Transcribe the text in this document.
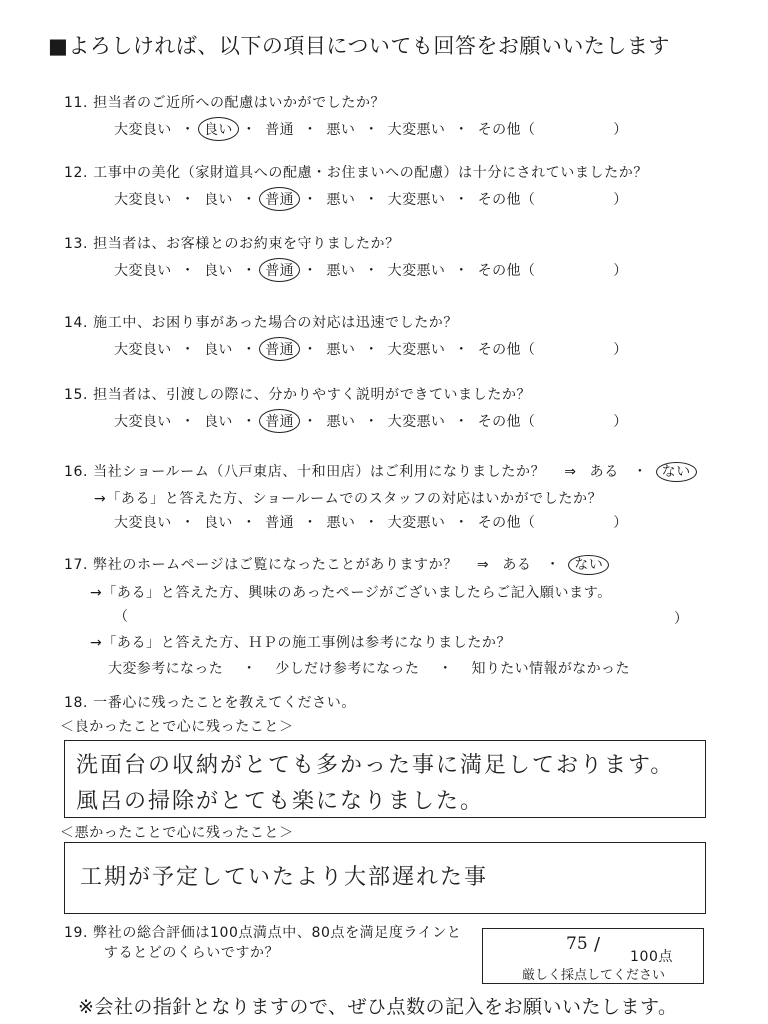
■よろしければ、以下の項目についても回答をお願いいたします
11. 担当者のご近所への配慮はいかがでしたか？
大変良い ・ 良い ・ 普通 ・ 悪い ・ 大変悪い ・ その他（	）
12. 工事中の美化（家財道具への配慮・お住まいへの配慮）は十分にされていましたか？
大変良い ・ 良い ・ 普通 ・ 悪い ・ 大変悪い ・ その他（	）
13. 担当者は、お客様とのお約束を守りましたか？
大変良い ・ 良い ・ 普通 ・ 悪い ・ 大変悪い ・ その他（	）
14. 施工中、お困り事があった場合の対応は迅速でしたか？
大変良い ・ 良い ・ 普通 ・ 悪い ・ 大変悪い ・ その他（	）
15. 担当者は、引渡しの際に、分かりやすく説明ができていましたか？
大変良い ・ 良い ・ 普通 ・ 悪い ・ 大変悪い ・ その他（	）
16. 当社ショールーム（八戸東店、十和田店）はご利用になりましたか？ ⇒ ある ・ ない
→「ある」と答えた方、ショールームでのスタッフの対応はいかがでしたか？
大変良い ・ 良い ・ 普通 ・ 悪い ・ 大変悪い ・ その他（	）
17. 弊社のホームページはご覧になったことがありますか？ ⇒ ある ・ ない
→「ある」と答えた方、興味のあったページがございましたらご記入願います。
（	）
→「ある」と答えた方、ＨＰの施工事例は参考になりましたか？
大変参考になった ・ 少しだけ参考になった ・ 知りたい情報がなかった
18. 一番心に残ったことを教えてください。
＜良かったことで心に残ったこと＞
洗面台の収納がとても多かった事に満足しております。
風呂の掃除がとても楽になりました。
＜悪かったことで心に残ったこと＞
工期が予定していたより大部遅れた事
19. 弊社の総合評価は100点満点中、80点を満足度ラインと
するとどのくらいですか？	75 /
100点
厳しく採点してください
※会社の指針となりますので、ぜひ点数の記入をお願いいたします。
